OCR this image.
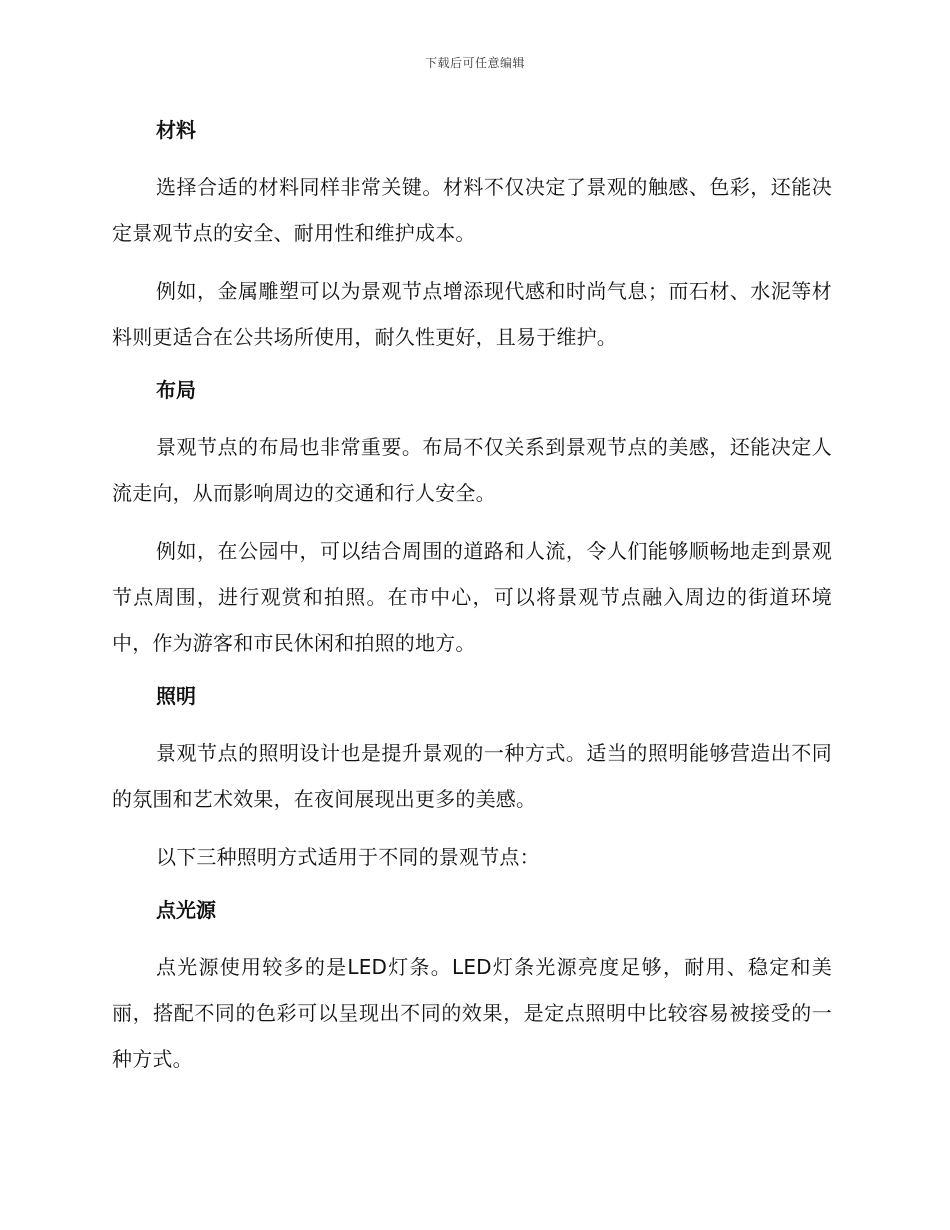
下载后可任意编辑
材料

选择合适的材料同样非常关键。材料不仅决定了景观的触感、色彩，还能决定景观节点的安全、耐用性和维护成本。

例如，金属雕塑可以为景观节点增添现代感和时尚气息；而石材、水泥等材料则更适合在公共场所使用，耐久性更好，且易于维护。

布局

景观节点的布局也非常重要。布局不仅关系到景观节点的美感，还能决定人流走向，从而影响周边的交通和行人安全。

例如，在公园中，可以结合周围的道路和人流，令人们能够顺畅地走到景观节点周围，进行观赏和拍照。在市中心，可以将景观节点融入周边的街道环境中，作为游客和市民休闲和拍照的地方。

照明

景观节点的照明设计也是提升景观的一种方式。适当的照明能够营造出不同的氛围和艺术效果，在夜间展现出更多的美感。

以下三种照明方式适用于不同的景观节点：

点光源

点光源使用较多的是LED灯条。LED灯条光源亮度足够，耐用、稳定和美丽，搭配不同的色彩可以呈现出不同的效果，是定点照明中比较容易被接受的一种方式。
